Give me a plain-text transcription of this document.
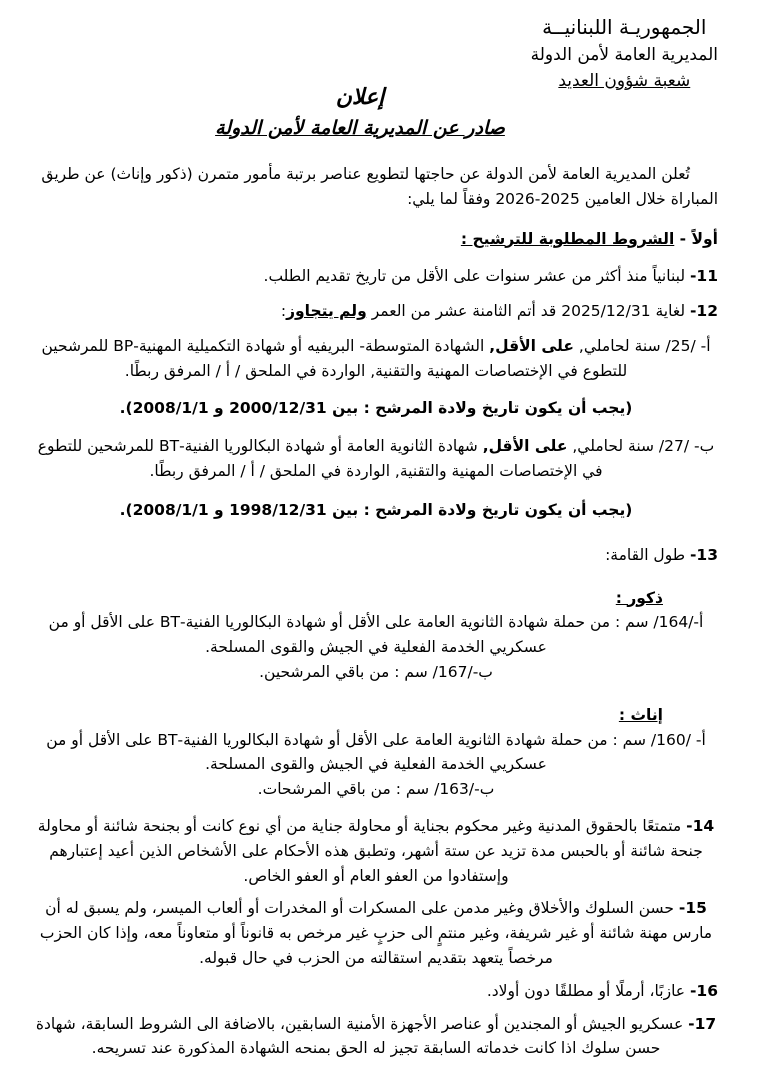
الجمهوريـة اللبنانيــة
المديرية العامة لأمن الدولة
شعبة شؤون العديد
إعلان
صادر عن المديرية العامة لأمن الدولة

تُعلن المديرية العامة لأمن الدولة عن حاجتها لتطويع عناصر برتبة مأمور متمرن (ذكور وإناث) عن طريق المباراة خلال العامين 2025-2026 وفقاً لما يلي:

أولاً - الشروط المطلوبة للترشيح :

11- لبنانياً منذ أكثر من عشر سنوات على الأقل من تاريخ تقديم الطلب.

12- لغاية 2025/12/31 قد أتم الثامنة عشر من العمر ولم يتجاوز:

أ- /25/ سنة لحاملي, على الأقل, الشهادة المتوسطة- البريفيه أو شهادة التكميلية المهنية-BP للمرشحين للتطوع في الإختصاصات المهنية والتقنية, الواردة في الملحق / أ / المرفق ربطًا.

(يجب أن يكون تاريخ ولادة المرشح : بين 2000/12/31 و 2008/1/1).

ب- /27/ سنة لحاملي, على الأقل, شهادة الثانوية العامة أو شهادة البكالوريا الفنية-BT للمرشحين للتطوع في الإختصاصات المهنية والتقنية, الواردة في الملحق / أ / المرفق ربطًا.

(يجب أن يكون تاريخ ولادة المرشح : بين 1998/12/31 و 2008/1/1).

13- طول القامة:

ذكور :

أ-/164/ سم : من حملة شهادة الثانوية العامة على الأقل أو شهادة البكالوريا الفنية-BT على الأقل أو من عسكريي الخدمة الفعلية في الجيش والقوى المسلحة.

ب-/167/ سم : من باقي المرشحين.

إناث :

أ- /160/ سم : من حملة شهادة الثانوية العامة على الأقل أو شهادة البكالوريا الفنية-BT على الأقل أو من عسكريي الخدمة الفعلية في الجيش والقوى المسلحة.

ب-/163/ سم : من باقي المرشحات.

14- متمتعًا بالحقوق المدنية وغير محكوم بجناية أو محاولة جناية من أي نوع كانت أو بجنحة شائنة أو محاولة جنحة شائنة أو بالحبس مدة تزيد عن ستة أشهر، وتطبق هذه الأحكام على الأشخاص الذين أعيد إعتبارهم وإستفادوا من العفو العام أو العفو الخاص.

15- حسن السلوك والأخلاق وغير مدمن على المسكرات أو المخدرات أو ألعاب الميسر، ولم يسبق له أن مارس مهنة شائنة أو غير شريفة، وغير منتمٍ الى حزبٍ غير مرخص به قانوناً أو متعاوناً معه، وإذا كان الحزب مرخصاً يتعهد بتقديم استقالته من الحزب في حال قبوله.

16- عازبًا، أرملًا أو مطلقًا دون أولاد.

17- عسكريو الجيش أو المجندين أو عناصر الأجهزة الأمنية السابقين، بالاضافة الى الشروط السابقة، شهادة حسن سلوك اذا كانت خدماته السابقة تجيز له الحق بمنحه الشهادة المذكورة عند تسريحه.
